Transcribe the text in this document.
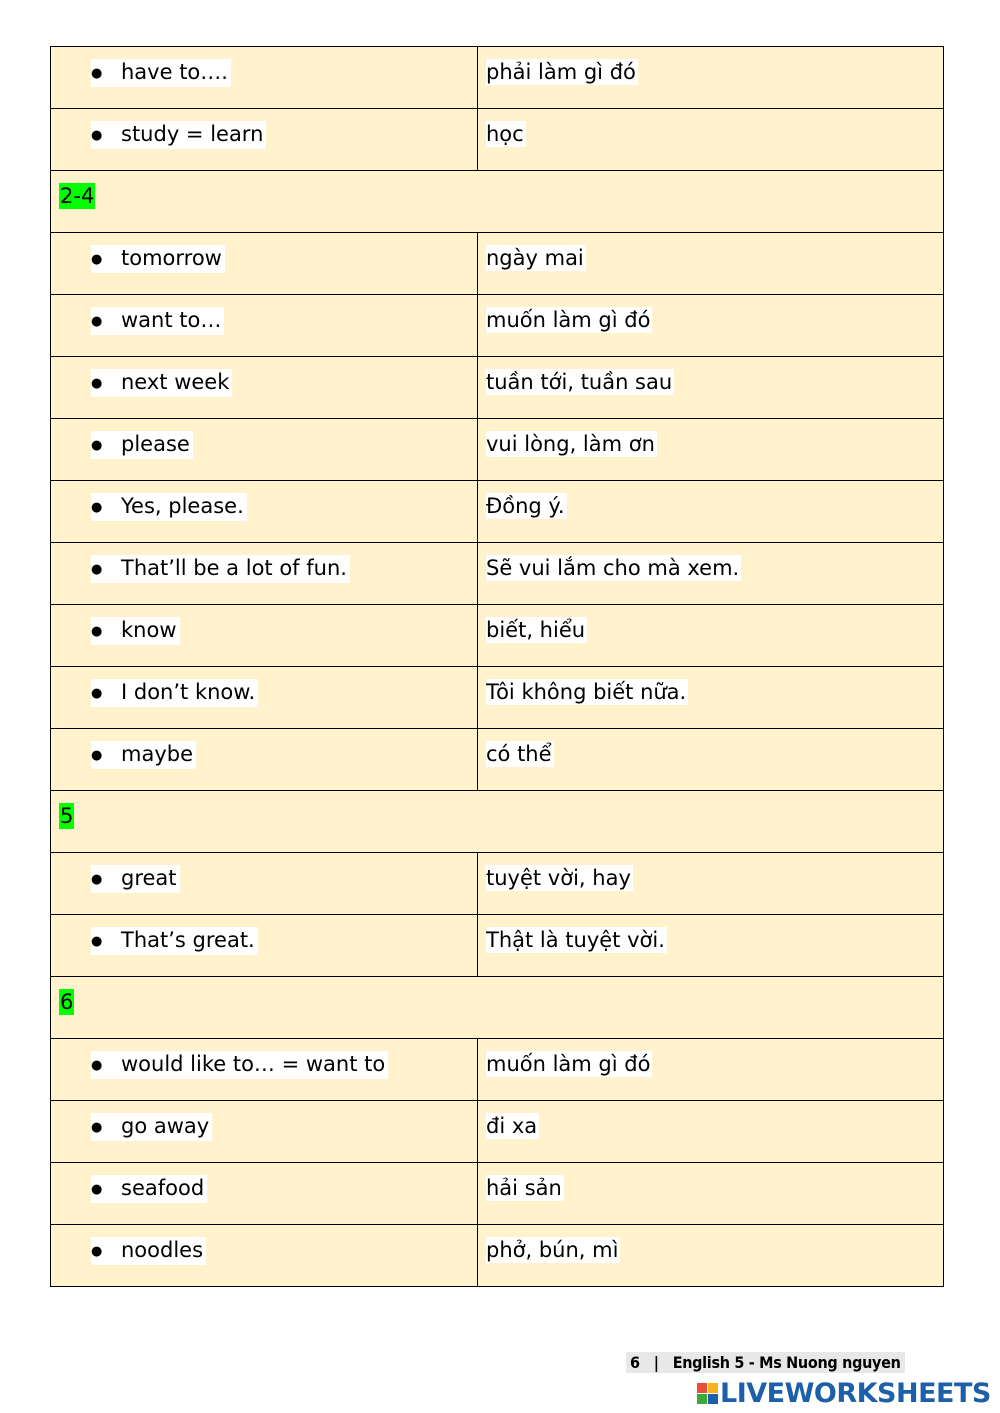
● have to….	phải làm gì đó
● study = learn	học
2-4	
● tomorrow	ngày mai
● want to…	muốn làm gì đó
● next week	tuần tới, tuần sau
● please	vui lòng, làm ơn
● Yes, please.	Đồng ý.
● That’ll be a lot of fun.	Sẽ vui lắm cho mà xem.
● know	biết, hiểu
● I don’t know.	Tôi không biết nữa.
● maybe	có thể
5	
● great	tuyệt vời, hay
● That’s great.	Thật là tuyệt vời.
6	
● would like to… = want to	muốn làm gì đó
● go away	đi xa
● seafood	hải sản
● noodles	phở, bún, mì
6 | English 5 - Ms Nuong nguyen
LIVEWORKSHEETS
